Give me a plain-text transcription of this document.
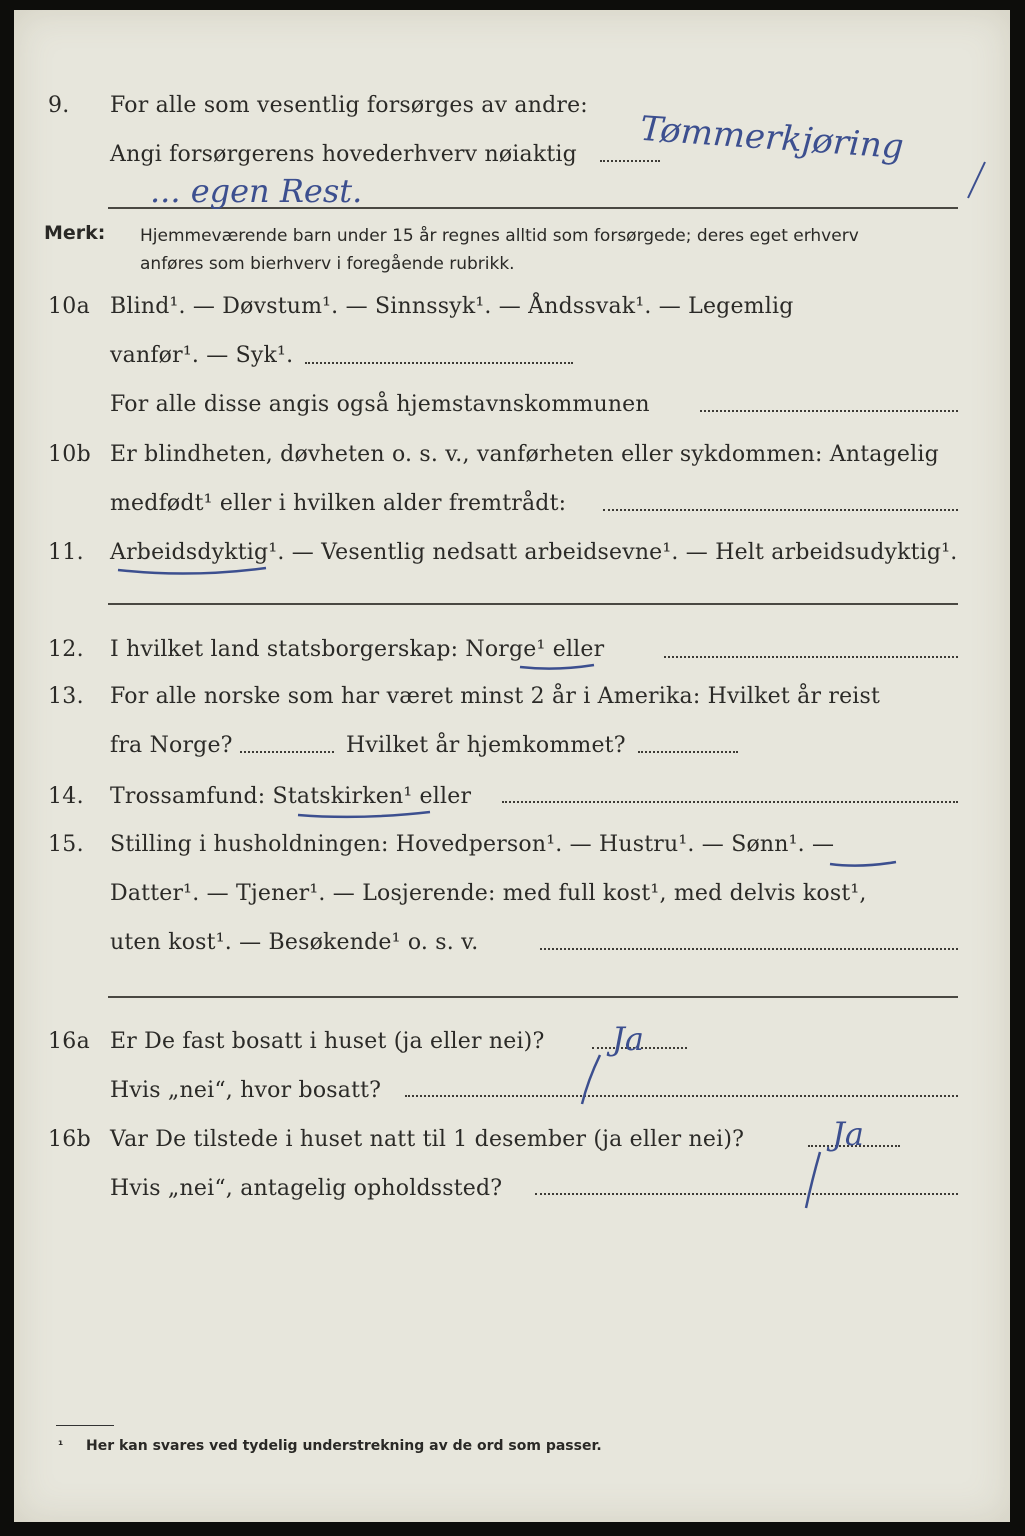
9. For alle som vesentlig forsørges av andre:
Angi forsørgerens hovederhverv nøiaktig Tømmerkjøring
... egen Rest.
Merk: Hjemmeværende barn under 15 år regnes alltid som forsørgede; deres eget erhverv
anføres som bierhverv i foregående rubrikk.
10a Blind¹. — Døvstum¹. — Sinnssyk¹. — Åndssvak¹. — Legemlig
vanfør¹. — Syk¹.
For alle disse angis også hjemstavnskommunen
10b Er blindheten, døvheten o. s. v., vanførheten eller sykdommen: Antagelig
medfødt¹ eller i hvilken alder fremtrådt:
11. Arbeidsdyktig¹. — Vesentlig nedsatt arbeidsevne¹. — Helt arbeidsudyktig¹.
12. I hvilket land statsborgerskap: Norge¹ eller
13. For alle norske som har været minst 2 år i Amerika: Hvilket år reist
fra Norge?	Hvilket år hjemkommet?
14. Trossamfund: Statskirken¹ eller
15. Stilling i husholdningen: Hovedperson¹. — Hustru¹. — Sønn¹. —
Datter¹. — Tjener¹. — Losjerende: med full kost¹, med delvis kost¹,
uten kost¹. — Besøkende¹ o. s. v.
16a Er De fast bosatt i huset (ja eller nei)?
Hvis „nei“, hvor bosatt?
Ja
16b Var De tilstede i huset natt til 1 desember (ja eller nei)?
Hvis „nei“, antagelig opholdssted?
Ja
¹ Her kan svares ved tydelig understrekning av de ord som passer.
